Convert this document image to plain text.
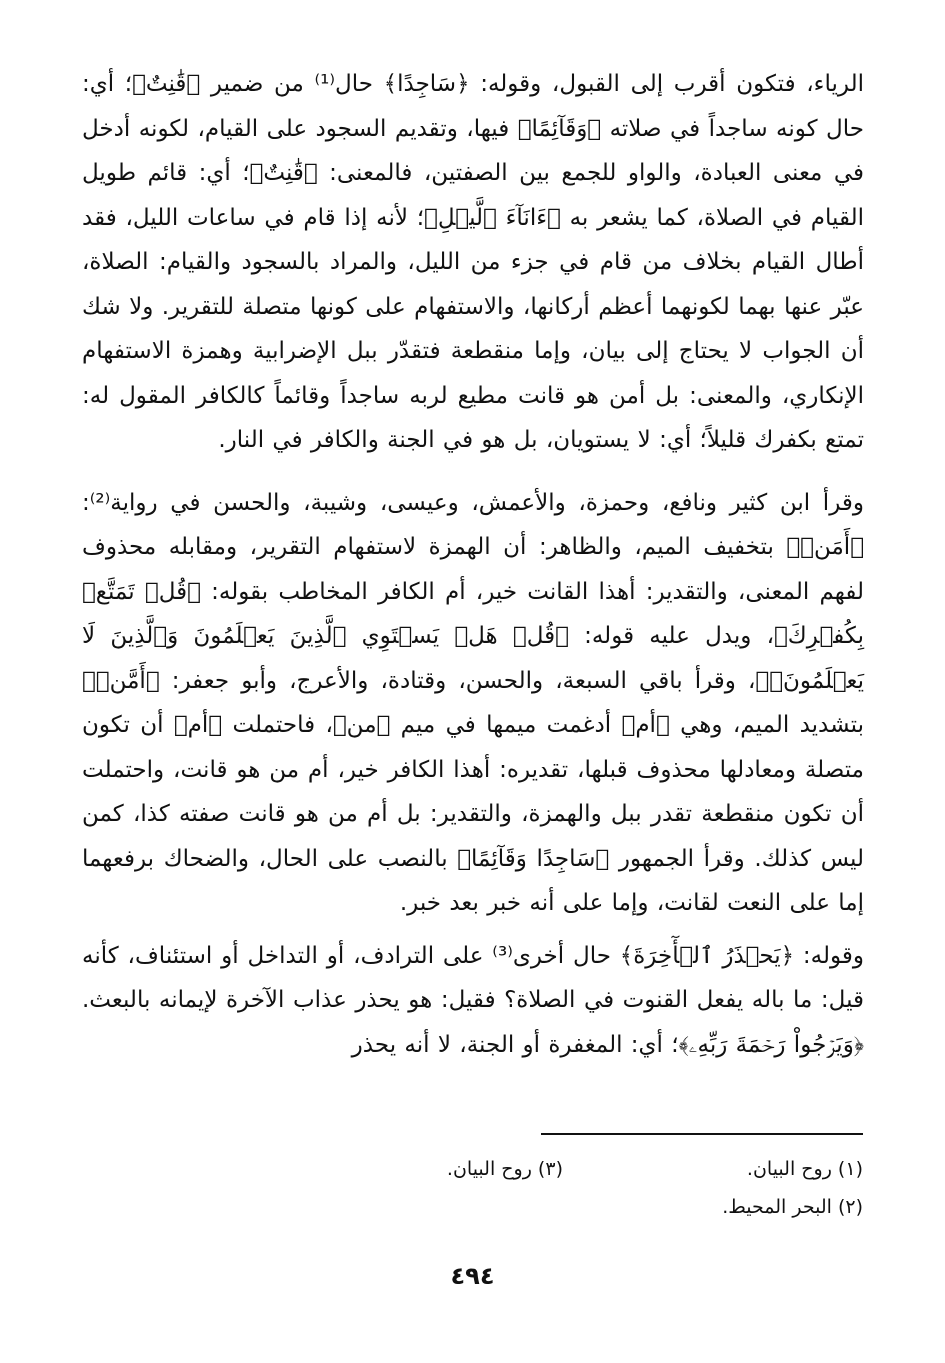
الرياء، فتكون أقرب إلى القبول، وقوله: ﴿سَاجِدًا﴾ حال⁽¹⁾ من ضمير ﴿قَٰنِتٌ﴾؛ أي: حال كونه ساجداً في صلاته ﴿وَقَآئِمًا﴾ فيها، وتقديم السجود على القيام، لكونه أدخل في معنى العبادة، والواو للجمع بين الصفتين، فالمعنى: ﴿قَٰنِتٌ﴾؛ أي: قائم طويل القيام في الصلاة، كما يشعر به ﴿ءَانَآءَ ٱلَّيۡلِ﴾؛ لأنه إذا قام في ساعات الليل، فقد أطال القيام بخلاف من قام في جزء من الليل، والمراد بالسجود والقيام: الصلاة، عبّر عنها بهما لكونهما أعظم أركانها، والاستفهام على كونها متصلة للتقرير. ولا شك أن الجواب لا يحتاج إلى بيان، وإما منقطعة فتقدّر ببل الإضرابية وهمزة الاستفهام الإنكاري، والمعنى: بل أمن هو قانت مطيع لربه ساجداً وقائماً كالكافر المقول له: تمتع بكفرك قليلاً؛ أي: لا يستويان، بل هو في الجنة والكافر في النار.

وقرأ ابن كثير ونافع، وحمزة، والأعمش، وعيسى، وشيبة، والحسن في رواية⁽²⁾: ﴿أَمَنۡ﴾ بتخفيف الميم، والظاهر: أن الهمزة لاستفهام التقرير، ومقابله محذوف لفهم المعنى، والتقدير: أهذا القانت خير، أم الكافر المخاطب بقوله: ﴿قُلۡ تَمَتَّعۡ بِكُفۡرِكَ﴾، ويدل عليه قوله: ﴿قُلۡ هَلۡ يَسۡتَوِي ٱلَّذِينَ يَعۡلَمُونَ وَٱلَّذِينَ لَا يَعۡلَمُونَۗ﴾، وقرأ باقي السبعة، والحسن، وقتادة، والأعرج، وأبو جعفر: ﴿أَمَّنۡ﴾ بتشديد الميم، وهي ﴿أم﴾ أدغمت ميمها في ميم ﴿من﴾، فاحتملت ﴿أم﴾ أن تكون متصلة ومعادلها محذوف قبلها، تقديره: أهذا الكافر خير، أم من هو قانت، واحتملت أن تكون منقطعة تقدر ببل والهمزة، والتقدير: بل أم من هو قانت صفته كذا، كمن ليس كذلك. وقرأ الجمهور ﴿سَاجِدًا وَقَآئِمًا﴾ بالنصب على الحال، والضحاك برفعهما إما على النعت لقانت، وإما على أنه خبر بعد خبر.

وقوله: ﴿يَحۡذَرُ ٱلۡأٓخِرَةَ﴾ حال أخرى⁽³⁾ على الترادف، أو التداخل أو استئناف، كأنه قيل: ما باله يفعل القنوت في الصلاة؟ فقيل: هو يحذر عذاب الآخرة لإيمانه بالبعث. ﴿وَيَرۡجُواْ رَحۡمَةَ رَبِّهِۦ﴾؛ أي: المغفرة أو الجنة، لا أنه يحذر

(١) روح البيان.
(٣) روح البيان.
(٢) البحر المحيط.
٤٩٤
